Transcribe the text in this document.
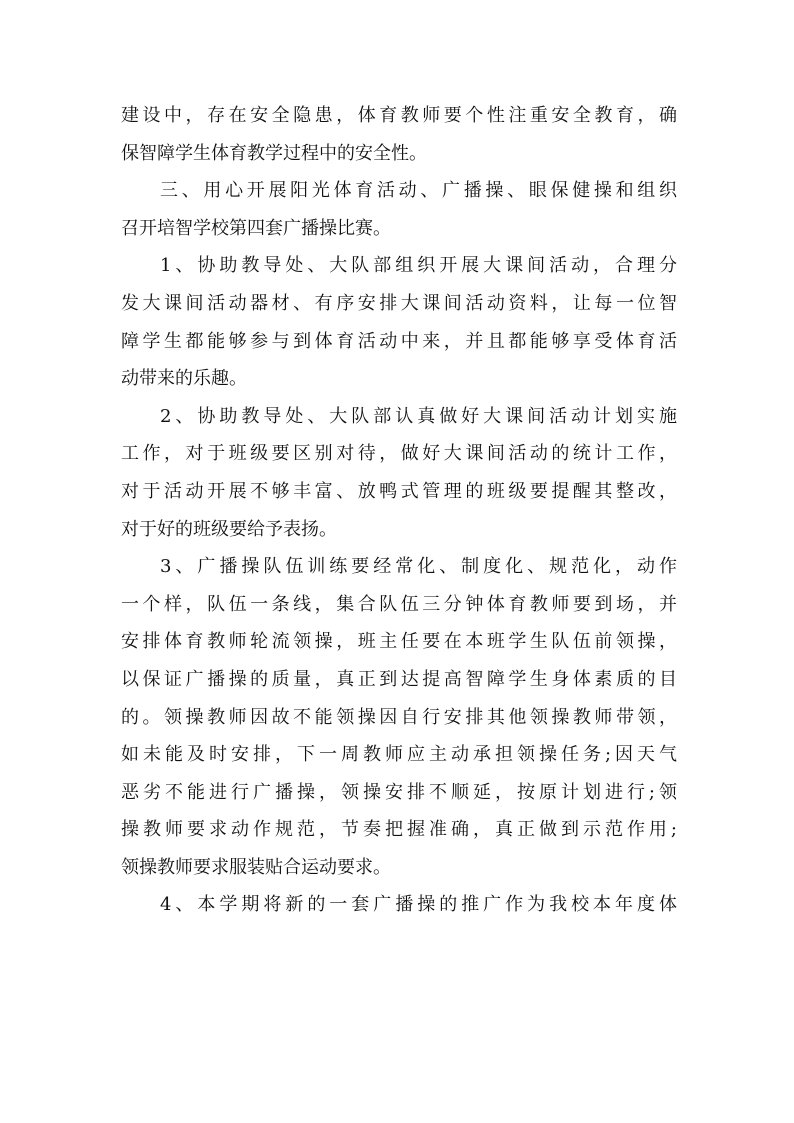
建设中，存在安全隐患，体育教师要个性注重安全教育，确
保智障学生体育教学过程中的安全性。
三、用心开展阳光体育活动、广播操、眼保健操和组织
召开培智学校第四套广播操比赛。
1、协助教导处、大队部组织开展大课间活动，合理分
发大课间活动器材、有序安排大课间活动资料，让每一位智
障学生都能够参与到体育活动中来，并且都能够享受体育活
动带来的乐趣。
2、协助教导处、大队部认真做好大课间活动计划实施
工作，对于班级要区别对待，做好大课间活动的统计工作，
对于活动开展不够丰富、放鸭式管理的班级要提醒其整改，
对于好的班级要给予表扬。
3、广播操队伍训练要经常化、制度化、规范化，动作
一个样，队伍一条线，集合队伍三分钟体育教师要到场，并
安排体育教师轮流领操，班主任要在本班学生队伍前领操，
以保证广播操的质量，真正到达提高智障学生身体素质的目
的。领操教师因故不能领操因自行安排其他领操教师带领，
如未能及时安排，下一周教师应主动承担领操任务;因天气
恶劣不能进行广播操，领操安排不顺延，按原计划进行;领
操教师要求动作规范，节奏把握准确，真正做到示范作用;
领操教师要求服装贴合运动要求。
4、本学期将新的一套广播操的推广作为我校本年度体
